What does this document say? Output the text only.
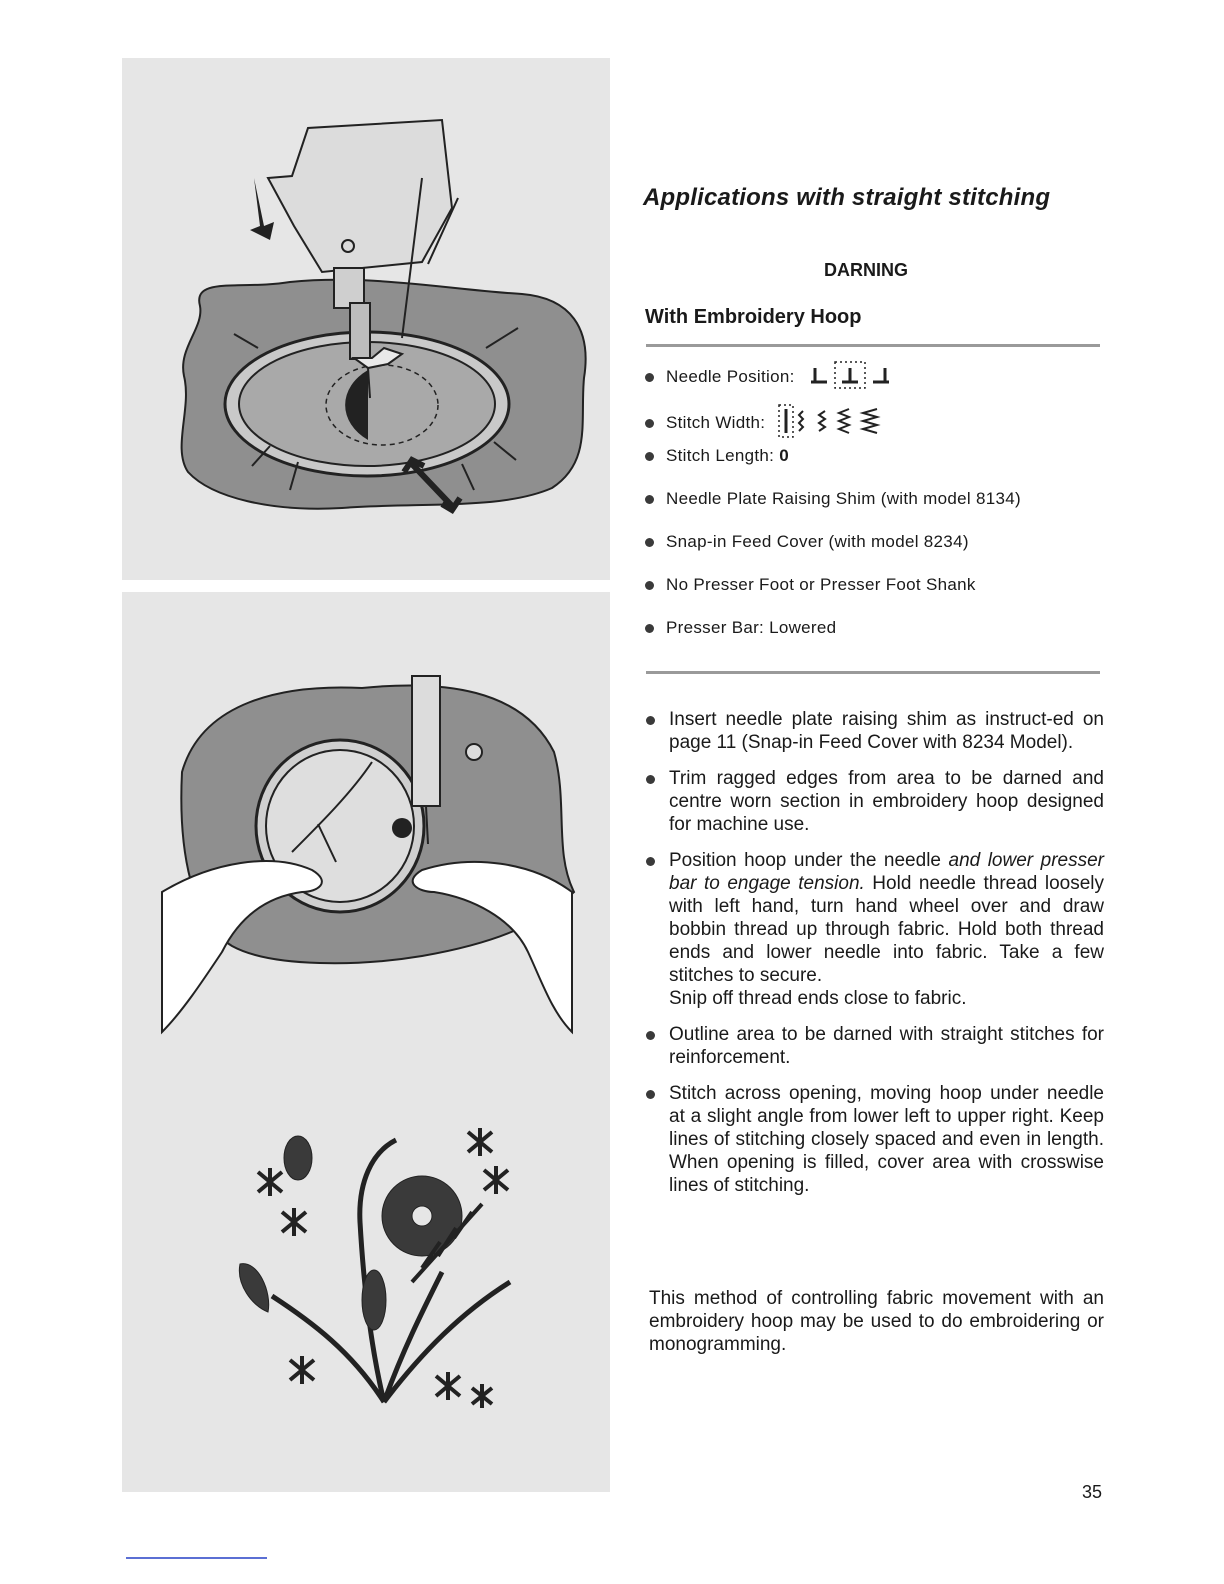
Applications with straight stitching
DARNING
With Embroidery Hoop
Needle Position:
Stitch Width:
Stitch Length: 0
Needle Plate Raising Shim (with model 8134)
Snap-in Feed Cover (with model 8234)
No Presser Foot or Presser Foot Shank
Presser Bar: Lowered
Insert needle plate raising shim as instruct-ed on page 11 (Snap-in Feed Cover with 8234 Model).
Trim ragged edges from area to be darned and centre worn section in embroidery hoop designed for machine use.

Position hoop under the needle and lower presser bar to engage tension. Hold needle thread loosely with left hand, turn hand wheel over and draw bobbin thread up through fabric. Hold both thread ends and lower needle into fabric. Take a few stitches to secure.

Snip off thread ends close to fabric.

Outline area to be darned with straight stitches for reinforcement.
Stitch across opening, moving hoop under needle at a slight angle from lower left to upper right. Keep lines of stitching closely spaced and even in length. When opening is filled, cover area with crosswise lines of stitching.

This method of controlling fabric movement with an embroidery hoop may be used to do embroidering or monogramming.

35
